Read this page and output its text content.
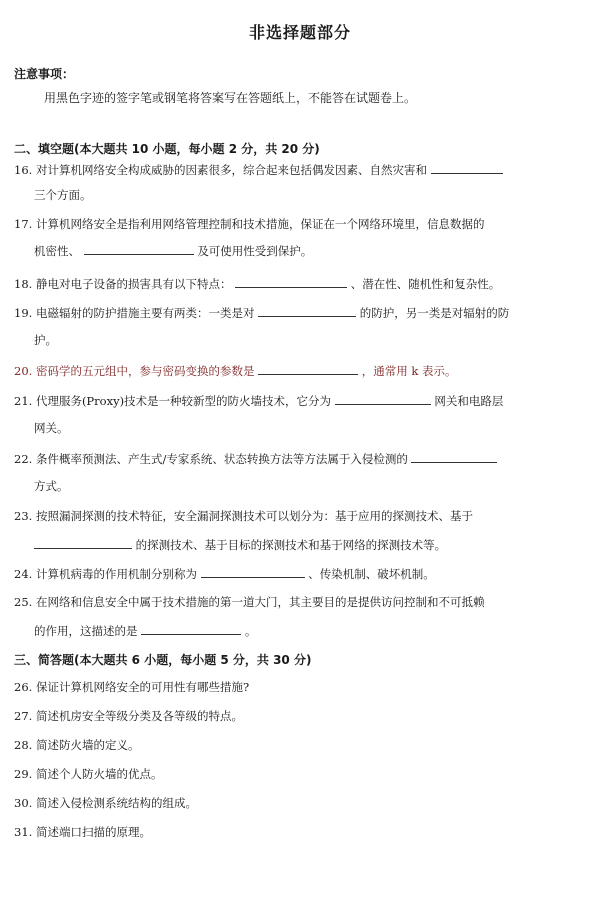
非选择题部分
注意事项：
用黑色字迹的签字笔或钢笔将答案写在答题纸上，不能答在试题卷上。
二、填空题(本大题共 10 小题，每小题 2 分，共 20 分)
16. 对计算机网络安全构成威胁的因素很多，综合起来包括偶发因素、自然灾害和
三个方面。
17. 计算机网络安全是指利用网络管理控制和技术措施，保证在一个网络环境里，信息数据的
机密性、	及可使用性受到保护。
18. 静电对电子设备的损害具有以下特点：	、潜在性、随机性和复杂性。
19. 电磁辐射的防护措施主要有两类：一类是对	的防护，另一类是对辐射的防
护。
20. 密码学的五元组中，参与密码变换的参数是	，通常用 k 表示。
21. 代理服务(Proxy)技术是一种较新型的防火墙技术，它分为	网关和电路层
网关。
22. 条件概率预测法、产生式/专家系统、状态转换方法等方法属于入侵检测的
方式。
23. 按照漏洞探测的技术特征，安全漏洞探测技术可以划分为：基于应用的探测技术、基于
的探测技术、基于目标的探测技术和基于网络的探测技术等。
24. 计算机病毒的作用机制分别称为	、传染机制、破坏机制。
25. 在网络和信息安全中属于技术措施的第一道大门，其主要目的是提供访问控制和不可抵赖
的作用，这描述的是	。
三、简答题(本大题共 6 小题，每小题 5 分，共 30 分)
26. 保证计算机网络安全的可用性有哪些措施?
27. 简述机房安全等级分类及各等级的特点。
28. 简述防火墙的定义。
29. 简述个人防火墙的优点。
30. 简述入侵检测系统结构的组成。
31. 简述端口扫描的原理。
